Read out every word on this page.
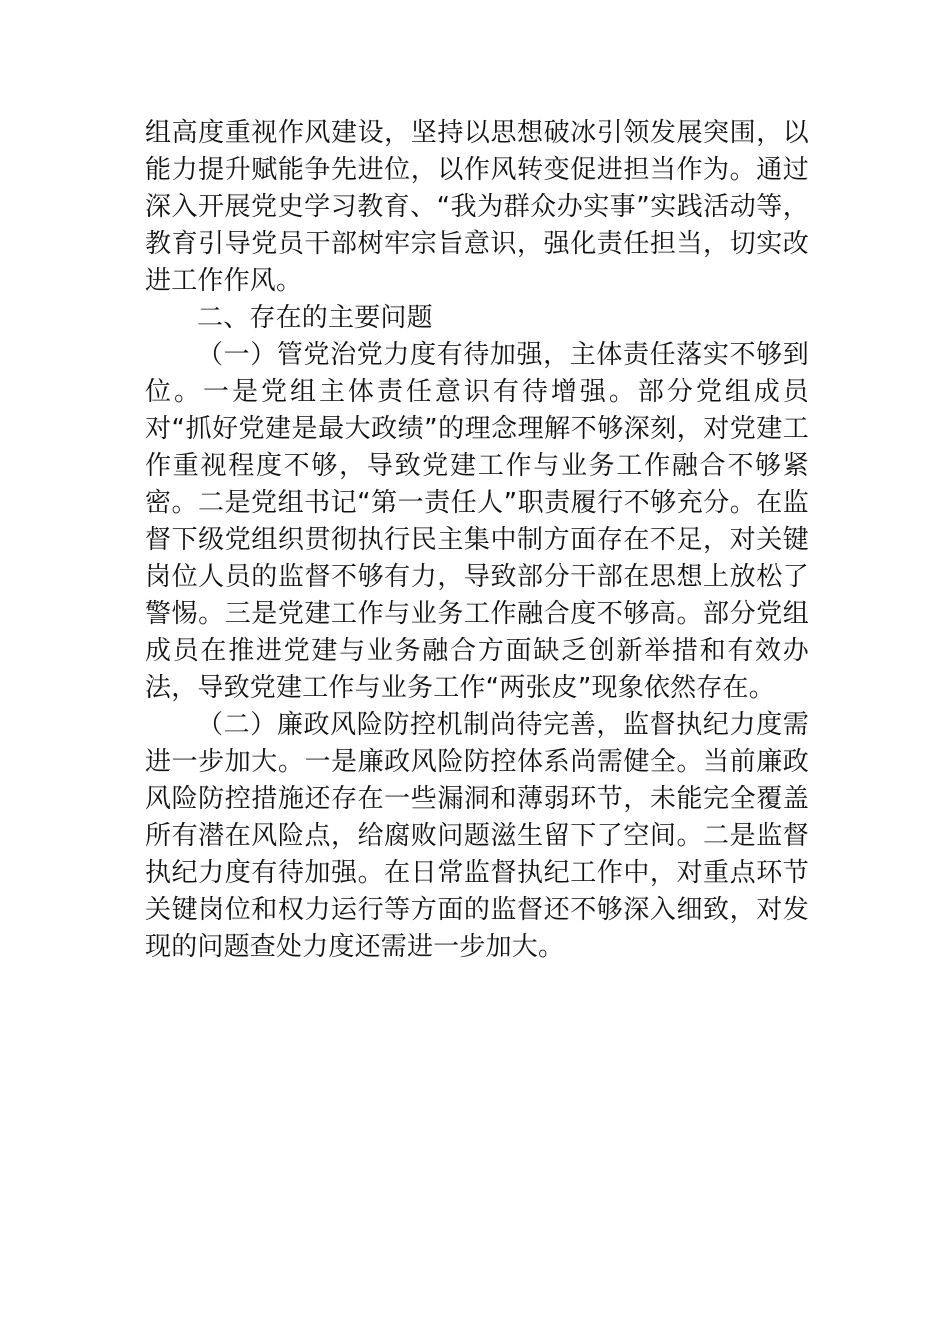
组高度重视作风建设，坚持以思想破冰引领发展突围，以能力提升赋能争先进位，以作风转变促进担当作为。通过深入开展党史学习教育、“我为群众办实事”实践活动等，教育引导党员干部树牢宗旨意识，强化责任担当，切实改进工作作风。

二、存在的主要问题

（一）管党治党力度有待加强，主体责任落实不够到位。一是党组主体责任意识有待增强。部分党组成员对“抓好党建是最大政绩”的理念理解不够深刻，对党建工作重视程度不够，导致党建工作与业务工作融合不够紧密。二是党组书记“第一责任人”职责履行不够充分。在监督下级党组织贯彻执行民主集中制方面存在不足，对关键岗位人员的监督不够有力，导致部分干部在思想上放松了警惕。三是党建工作与业务工作融合度不够高。部分党组成员在推进党建与业务融合方面缺乏创新举措和有效办法，导致党建工作与业务工作“两张皮”现象依然存在。

（二）廉政风险防控机制尚待完善，监督执纪力度需进一步加大。一是廉政风险防控体系尚需健全。当前廉政风险防控措施还存在一些漏洞和薄弱环节，未能完全覆盖所有潜在风险点，给腐败问题滋生留下了空间。二是监督执纪力度有待加强。在日常监督执纪工作中，对重点环节关键岗位和权力运行等方面的监督还不够深入细致，对发现的问题查处力度还需进一步加大。
